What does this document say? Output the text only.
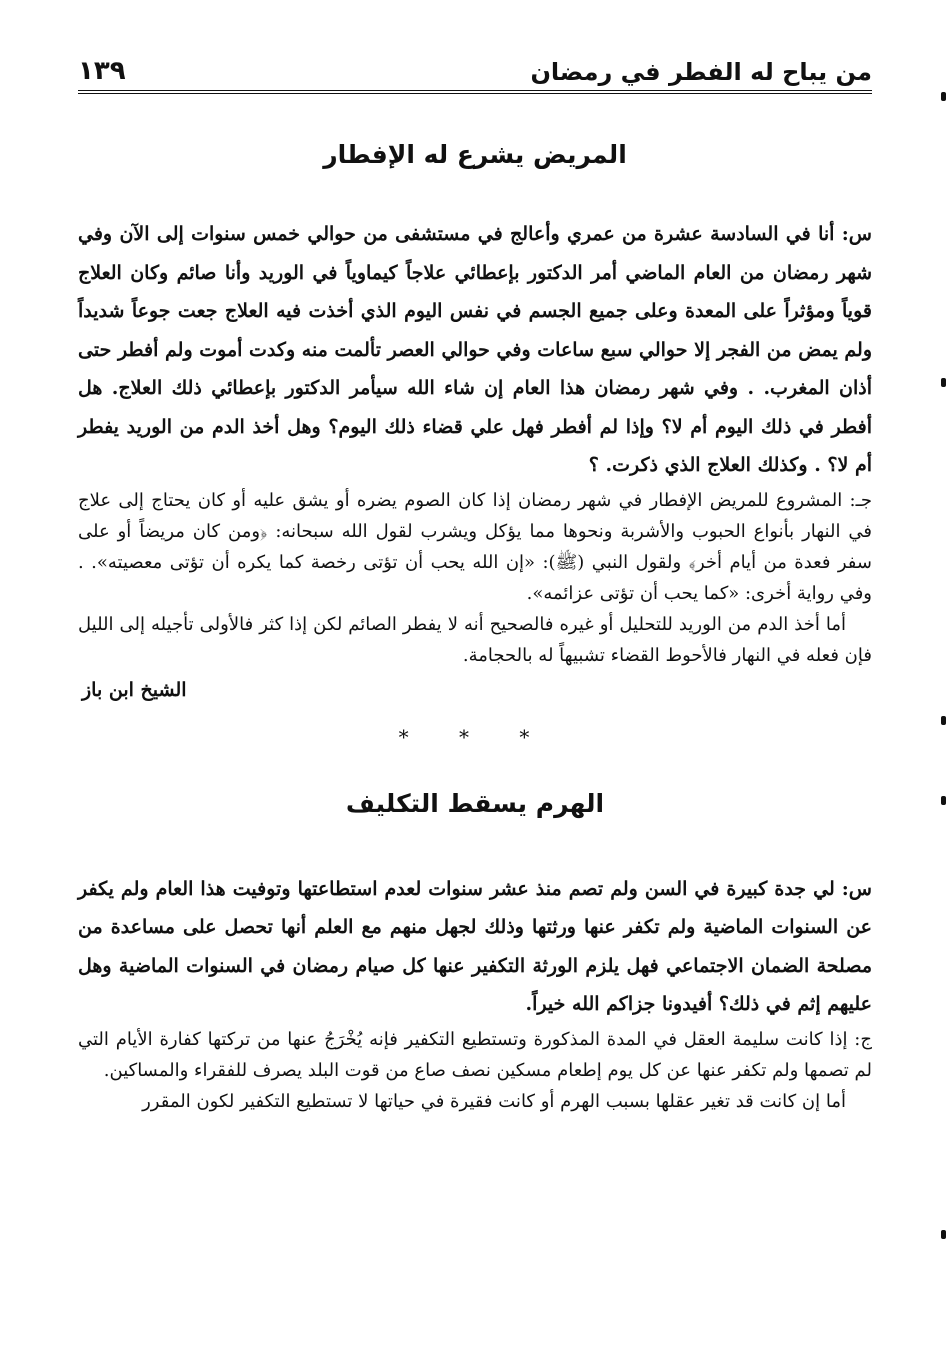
من يباح له الفطر في رمضان
١٣٩
المريض يشرع له الإفطار

س: أنا في السادسة عشرة من عمري وأعالج في مستشفى من حوالي خمس سنوات إلى الآن وفي شهر رمضان من العام الماضي أمر الدكتور بإعطائي علاجاً كيماوياً في الوريد وأنا صائم وكان العلاج قوياً ومؤثراً على المعدة وعلى جميع الجسم في نفس اليوم الذي أخذت فيه العلاج جعت جوعاً شديداً ولم يمض من الفجر إلا حوالي سبع ساعات وفي حوالي العصر تألمت منه وكدت أموت ولم أفطر حتى أذان المغرب. . وفي شهر رمضان هذا العام إن شاء الله سيأمر الدكتور بإعطائي ذلك العلاج. هل أفطر في ذلك اليوم أم لا؟ وإذا لم أفطر فهل علي قضاء ذلك اليوم؟ وهل أخذ الدم من الوريد يفطر أم لا؟ . وكذلك العلاج الذي ذكرت. ؟

جـ: المشروع للمريض الإفطار في شهر رمضان إذا كان الصوم يضره أو يشق عليه أو كان يحتاج إلى علاج في النهار بأنواع الحبوب والأشربة ونحوها مما يؤكل ويشرب لقول الله سبحانه: ﴿ومن كان مريضاً أو على سفر فعدة من أيام أخر﴾ ولقول النبي (ﷺ): «إن الله يحب أن تؤتى رخصة كما يكره أن تؤتى معصيته». . وفي رواية أخرى: «كما يحب أن تؤتى عزائمه».

أما أخذ الدم من الوريد للتحليل أو غيره فالصحيح أنه لا يفطر الصائم لكن إذا كثر فالأولى تأجيله إلى الليل فإن فعله في النهار فالأحوط القضاء تشبيهاً له بالحجامة.

الشيخ ابن باز

* * *
الهرم يسقط التكليف

س: لي جدة كبيرة في السن ولم تصم منذ عشر سنوات لعدم استطاعتها وتوفيت هذا العام ولم يكفر عن السنوات الماضية ولم تكفر عنها ورثتها وذلك لجهل منهم مع العلم أنها تحصل على مساعدة من مصلحة الضمان الاجتماعي فهل يلزم الورثة التكفير عنها كل صيام رمضان في السنوات الماضية وهل عليهم إثم في ذلك؟ أفيدونا جزاكم الله خيراً.

ج: إذا كانت سليمة العقل في المدة المذكورة وتستطيع التكفير فإنه يُخْرَجُ عنها من تركتها كفارة الأيام التي لم تصمها ولم تكفر عنها عن كل يوم إطعام مسكين نصف صاع من قوت البلد يصرف للفقراء والمساكين.

أما إن كانت قد تغير عقلها بسبب الهرم أو كانت فقيرة في حياتها لا تستطيع التكفير لكون المقرر
